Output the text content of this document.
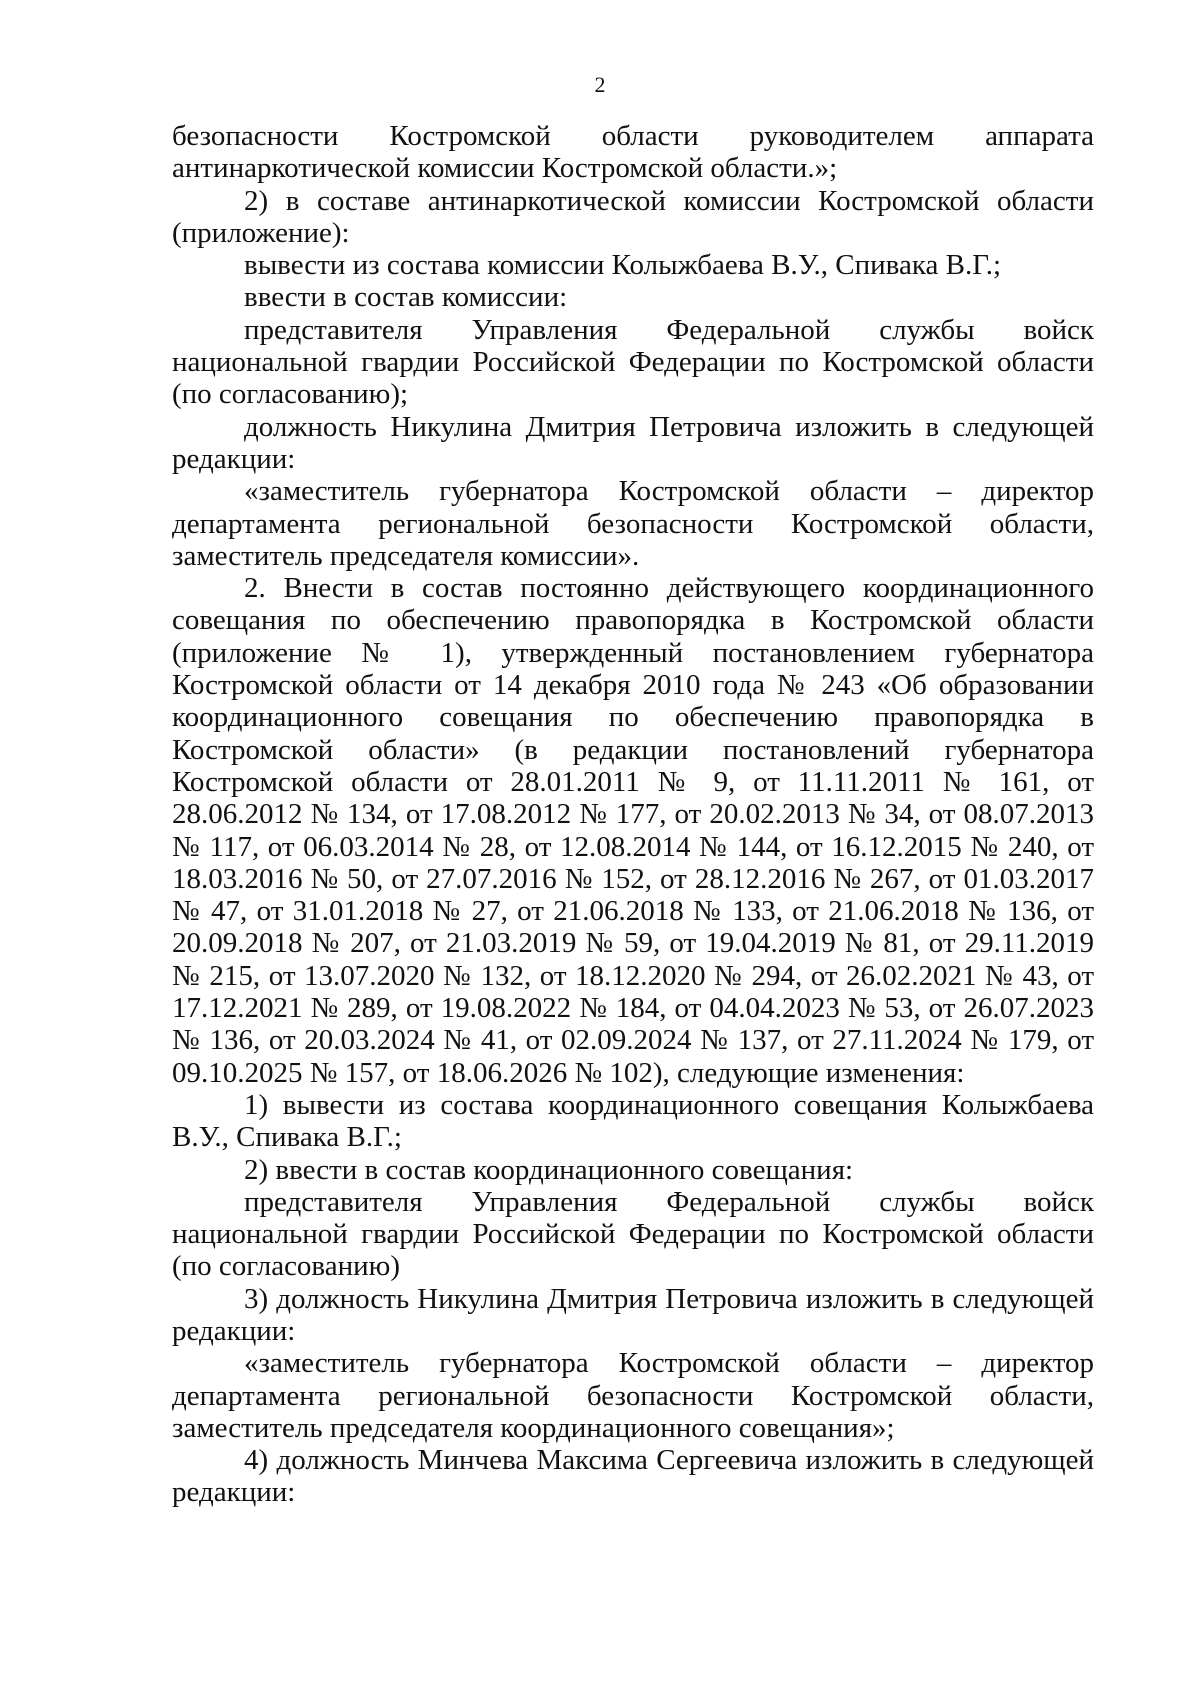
2

безопасности Костромской области руководителем аппарата антинаркотической комиссии Костромской области.»;

2) в составе антинаркотической комиссии Костромской области (приложение):

вывести из состава комиссии Колыжбаева В.У., Спивака В.Г.;

ввести в состав комиссии:

представителя Управления Федеральной службы войск национальной гвардии Российской Федерации по Костромской области (по согласованию);

должность Никулина Дмитрия Петровича изложить в следующей редакции:

«заместитель губернатора Костромской области – директор департамента региональной безопасности Костромской области, заместитель председателя комиссии».

2. Внести в состав постоянно действующего координационного совещания по обеспечению правопорядка в Костромской области (приложение № 1), утвержденный постановлением губернатора Костромской области от 14 декабря 2010 года № 243 «Об образовании координационного совещания по обеспечению правопорядка в Костромской области» (в редакции постановлений губернатора Костромской области от 28.01.2011 № 9, от 11.11.2011 № 161, от 28.06.2012 № 134, от 17.08.2012 № 177, от 20.02.2013 № 34, от 08.07.2013 № 117, от 06.03.2014 № 28, от 12.08.2014 № 144, от 16.12.2015 № 240, от 18.03.2016 № 50, от 27.07.2016 № 152, от 28.12.2016 № 267, от 01.03.2017 № 47, от 31.01.2018 № 27, от 21.06.2018 № 133, от 21.06.2018 № 136, от 20.09.2018 № 207, от 21.03.2019 № 59, от 19.04.2019 № 81, от 29.11.2019 № 215, от 13.07.2020 № 132, от 18.12.2020 № 294, от 26.02.2021 № 43, от 17.12.2021 № 289, от 19.08.2022 № 184, от 04.04.2023 № 53, от 26.07.2023 № 136, от 20.03.2024 № 41, от 02.09.2024 № 137, от 27.11.2024 № 179, от 09.10.2025 № 157, от 18.06.2026 № 102), следующие изменения:

1) вывести из состава координационного совещания Колыжбаева В.У., Спивака В.Г.;

2) ввести в состав координационного совещания:

представителя Управления Федеральной службы войск национальной гвардии Российской Федерации по Костромской области (по согласованию)

3) должность Никулина Дмитрия Петровича изложить в следующей редакции:

«заместитель губернатора Костромской области – директор департамента региональной безопасности Костромской области, заместитель председателя координационного совещания»;

4) должность Минчева Максима Сергеевича изложить в следующей редакции:
